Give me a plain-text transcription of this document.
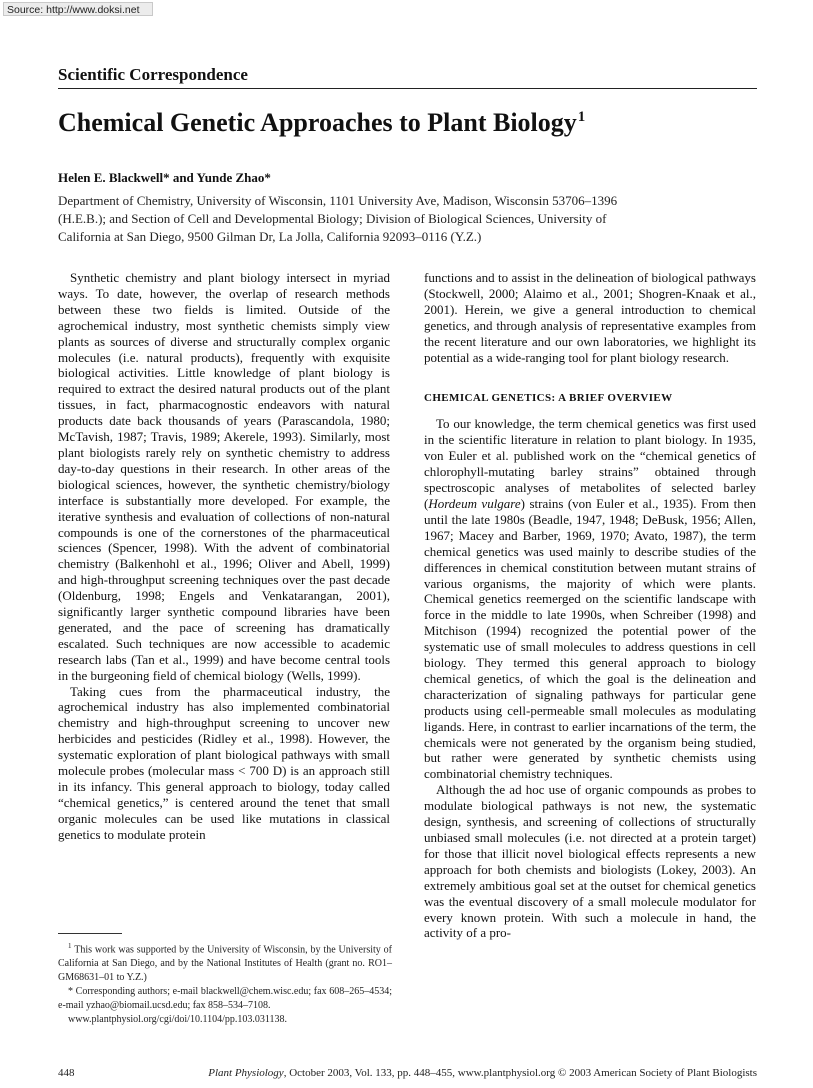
Source: http://www.doksi.net
Scientific Correspondence
Chemical Genetic Approaches to Plant Biology$^1$
Helen E. Blackwell* and Yunde Zhao*
Department of Chemistry, University of Wisconsin, 1101 University Ave, Madison, Wisconsin 53706–1396
(H.E.B.); and Section of Cell and Developmental Biology; Division of Biological Sciences, University of
California at San Diego, 9500 Gilman Dr, La Jolla, California 92093–0116 (Y.Z.)

Synthetic chemistry and plant biology intersect in myriad ways. To date, however, the overlap of research methods between these two fields is limited. Outside of the agrochemical industry, most synthetic chemists simply view plants as sources of diverse and structurally complex organic molecules (i.e. natural products), frequently with exquisite biological activities. Little knowledge of plant biology is required to extract the desired natural products out of the plant tissues, in fact, pharmacognostic endeavors with natural products date back thousands of years (Parascandola, 1980; McTavish, 1987; Travis, 1989; Akerele, 1993). Similarly, most plant biologists rarely rely on synthetic chemistry to address day-to-day questions in their research. In other areas of the biological sciences, however, the synthetic chemistry/biology interface is substantially more developed. For example, the iterative synthesis and evaluation of collections of non-natural compounds is one of the cornerstones of the pharmaceutical sciences (Spencer, 1998). With the advent of combinatorial chemistry (Balkenhohl et al., 1996; Oliver and Abell, 1999) and high-throughput screening techniques over the past decade (Oldenburg, 1998; Engels and Venkatarangan, 2001), significantly larger synthetic compound libraries have been generated, and the pace of screening has dramatically escalated. Such techniques are now accessible to academic research labs (Tan et al., 1999) and have become central tools in the burgeoning field of chemical biology (Wells, 1999).

Taking cues from the pharmaceutical industry, the agrochemical industry has also implemented combinatorial chemistry and high-throughput screening to uncover new herbicides and pesticides (Ridley et al., 1998). However, the systematic exploration of plant biological pathways with small molecule probes (molecular mass < 700 D) is an approach still in its infancy. This general approach to biology, today called “chemical genetics,” is centered around the tenet that small organic molecules can be used like mutations in classical genetics to modulate protein

functions and to assist in the delineation of biological pathways (Stockwell, 2000; Alaimo et al., 2001; Shogren-Knaak et al., 2001). Herein, we give a general introduction to chemical genetics, and through analysis of representative examples from the recent literature and our own laboratories, we highlight its potential as a wide-ranging tool for plant biology research.

CHEMICAL GENETICS: A BRIEF OVERVIEW

To our knowledge, the term chemical genetics was first used in the scientific literature in relation to plant biology. In 1935, von Euler et al. published work on the “chemical genetics of chlorophyll-mutating barley strains” obtained through spectroscopic analyses of metabolites of selected barley (Hordeum vulgare) strains (von Euler et al., 1935). From then until the late 1980s (Beadle, 1947, 1948; DeBusk, 1956; Allen, 1967; Macey and Barber, 1969, 1970; Avato, 1987), the term chemical genetics was used mainly to describe studies of the differences in chemical constitution between mutant strains of various organisms, the majority of which were plants. Chemical genetics reemerged on the scientific landscape with force in the middle to late 1990s, when Schreiber (1998) and Mitchison (1994) recognized the potential power of the systematic use of small molecules to address questions in cell biology. They termed this general approach to biology chemical genetics, of which the goal is the delineation and characterization of signaling pathways for particular gene products using cell-permeable small molecules as modulating ligands. Here, in contrast to earlier incarnations of the term, the chemicals were not generated by the organism being studied, but rather were generated by synthetic chemists using combinatorial chemistry techniques.

Although the ad hoc use of organic compounds as probes to modulate biological pathways is not new, the systematic design, synthesis, and screening of collections of structurally unbiased small molecules (i.e. not directed at a protein target) for those that illicit novel biological effects represents a new approach for both chemists and biologists (Lokey, 2003). An extremely ambitious goal set at the outset for chemical genetics was the eventual discovery of a small molecule modulator for every known protein. With such a molecule in hand, the activity of a pro-

$^1$ This work was supported by the University of Wisconsin, by the University of California at San Diego, and by the National Institutes of Health (grant no. RO1–GM68631–01 to Y.Z.)

* Corresponding authors; e-mail blackwell@chem.wisc.edu; fax 608–265–4534; e-mail yzhao@biomail.ucsd.edu; fax 858–534–7108.

www.plantphysiol.org/cgi/doi/10.1104/pp.103.031138.

448	Plant Physiology, October 2003, Vol. 133, pp. 448–455, www.plantphysiol.org © 2003 American Society of Plant Biologists
